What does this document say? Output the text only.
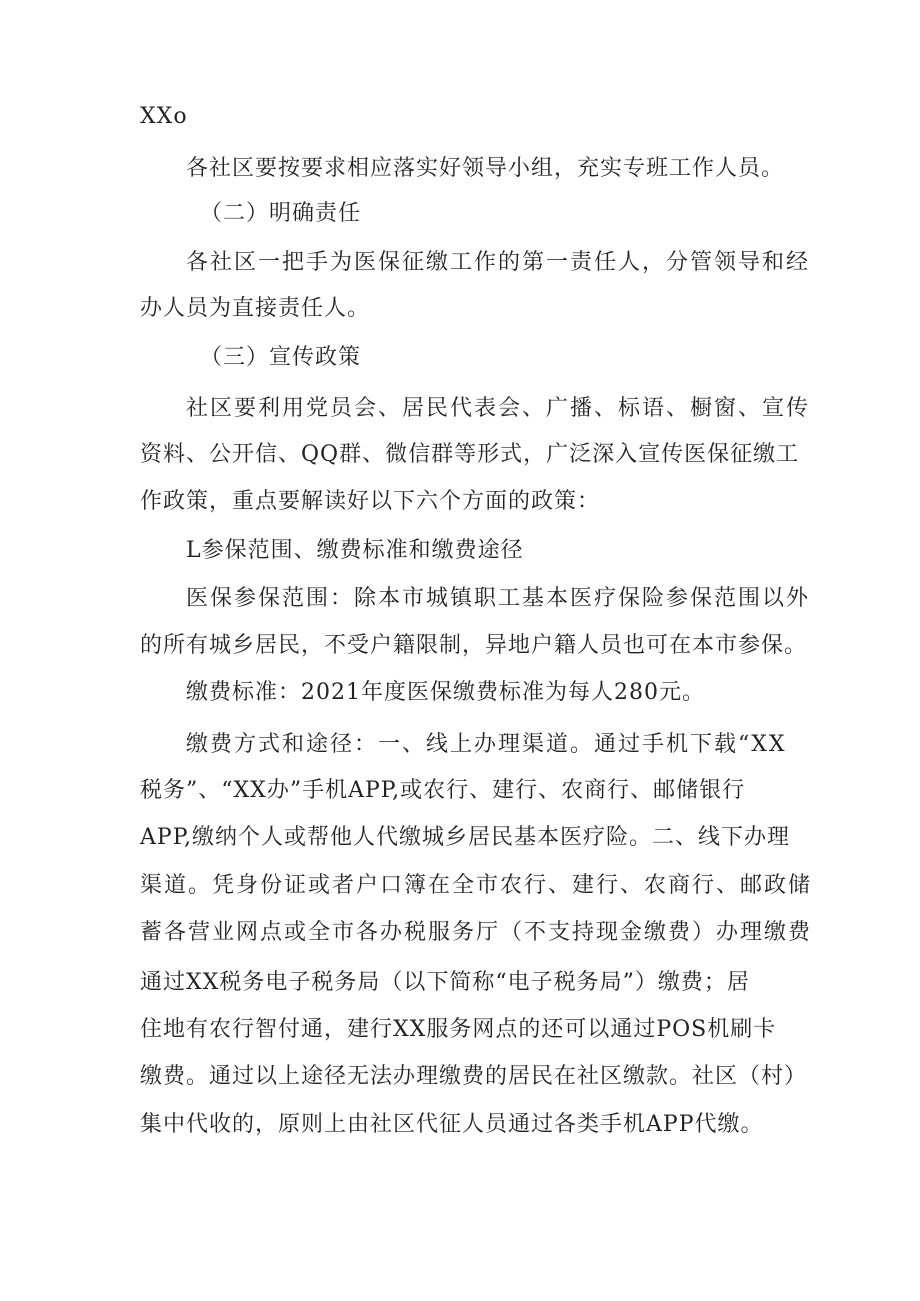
XXo
各社区要按要求相应落实好领导小组，充实专班工作人员。
（二）明确责任
各社区一把手为医保征缴工作的第一责任人，分管领导和经
办人员为直接责任人。
（三）宣传政策
社区要利用党员会、居民代表会、广播、标语、橱窗、宣传
资料、公开信、QQ群、微信群等形式，广泛深入宣传医保征缴工
作政策，重点要解读好以下六个方面的政策：
L参保范围、缴费标准和缴费途径
医保参保范围：除本市城镇职工基本医疗保险参保范围以外
的所有城乡居民，不受户籍限制，异地户籍人员也可在本市参保。
缴费标准：2021年度医保缴费标准为每人280元。
缴费方式和途径：一、线上办理渠道。通过手机下载“XX
税务”、“XX办”手机APP,或农行、建行、农商行、邮储银行
APP,缴纳个人或帮他人代缴城乡居民基本医疗险。二、线下办理
渠道。凭身份证或者户口簿在全市农行、建行、农商行、邮政储
蓄各营业网点或全市各办税服务厅（不支持现金缴费）办理缴费
通过XX税务电子税务局（以下简称“电子税务局”）缴费；居
住地有农行智付通，建行XX服务网点的还可以通过POS机刷卡
缴费。通过以上途径无法办理缴费的居民在社区缴款。社区（村）
集中代收的，原则上由社区代征人员通过各类手机APP代缴。
